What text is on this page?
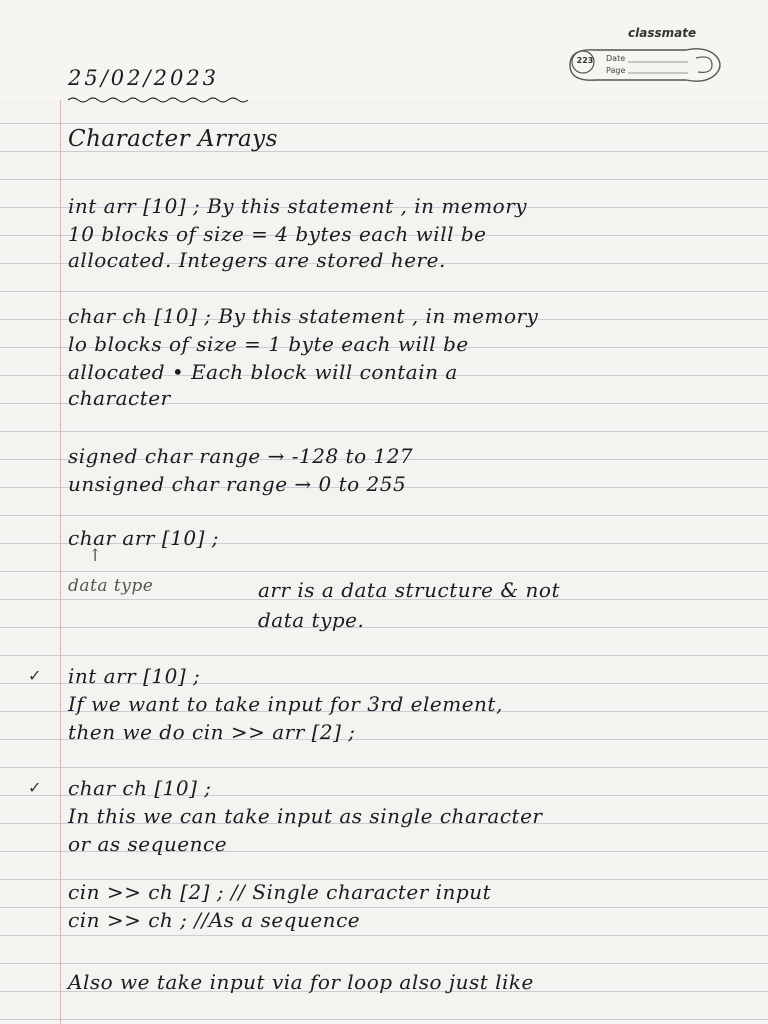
classmate
223	Date
Page
25/02/2023
Character Arrays
int arr [10] ; By this statement , in memory
10 blocks of size = 4 bytes each will be
allocated. Integers are stored here.
char ch [10] ; By this statement , in memory
lo blocks of size = 1 byte each will be
allocated • Each block will contain a
character
signed char range → -128 to 127
unsigned char range → 0 to 255
char arr [10] ;
↑
data type	arr is a data structure & not
data type.
✓ int arr [10] ;
If we want to take input for 3rd element,
then we do cin >> arr [2] ;
✓ char ch [10] ;
In this we can take input as single character
or as sequence
cin >> ch [2] ; // Single character input
cin >> ch ; //As a sequence
Also we take input via for loop also just like
